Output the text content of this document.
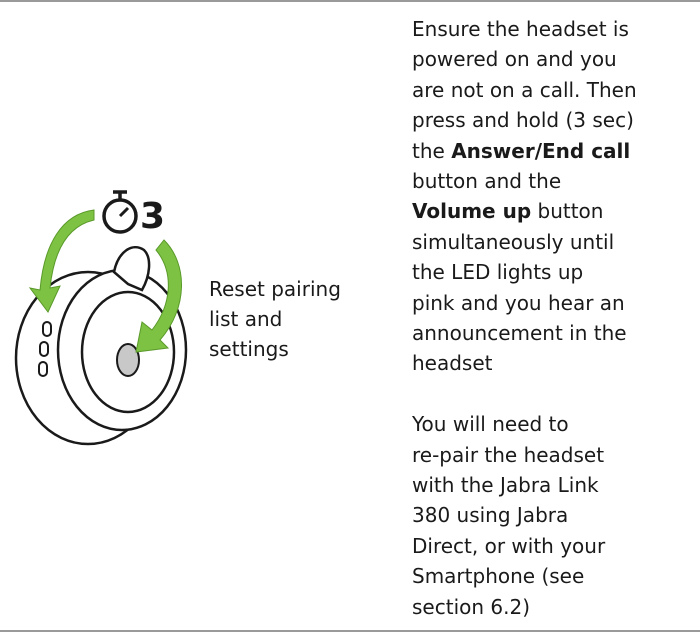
3

Reset pairing
list and
settings

Ensure the headset is
powered on and you
are not on a call. Then
press and hold (3 sec)
the Answer/End call
button and the
Volume up button
simultaneously until
the LED lights up
pink and you hear an
announcement in the
headset

You will need to
re-pair the headset
with the Jabra Link
380 using Jabra
Direct, or with your
Smartphone (see
section 6.2)
